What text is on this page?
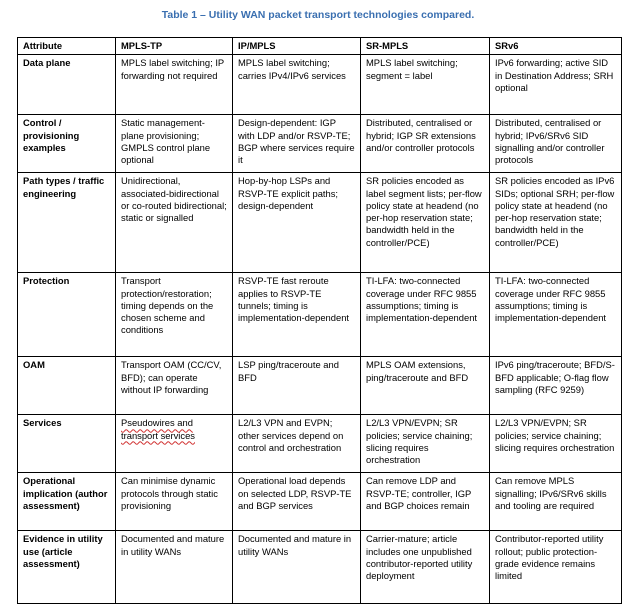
Table 1 – Utility WAN packet transport technologies compared.
Attribute	MPLS-TP	IP/MPLS	SR-MPLS	SRv6
Data plane	MPLS label switching; IP forwarding not required	MPLS label switching; carries IPv4/IPv6 services	MPLS label switching; segment = label	IPv6 forwarding; active SID in Destination Address; SRH optional
Control / provisioning examples	Static management-plane provisioning; GMPLS control plane optional	Design-dependent: IGP with LDP and/or RSVP-TE; BGP where services require it	Distributed, centralised or hybrid; IGP SR extensions and/or controller protocols	Distributed, centralised or hybrid; IPv6/SRv6 SID signalling and/or controller protocols
Path types / traffic engineering	Unidirectional, associated-bidirectional or co-routed bidirectional; static or signalled	Hop-by-hop LSPs and RSVP-TE explicit paths; design-dependent	SR policies encoded as label segment lists; per-flow policy state at headend (no per-hop reservation state; bandwidth held in the controller/PCE)	SR policies encoded as IPv6 SIDs; optional SRH; per-flow policy state at headend (no per-hop reservation state; bandwidth held in the controller/PCE)
Protection	Transport protection/restoration; timing depends on the chosen scheme and conditions	RSVP-TE fast reroute applies to RSVP-TE tunnels; timing is implementation-dependent	TI-LFA: two-connected coverage under RFC 9855 assumptions; timing is implementation-dependent	TI-LFA: two-connected coverage under RFC 9855 assumptions; timing is implementation-dependent
OAM	Transport OAM (CC/CV, BFD); can operate without IP forwarding	LSP ping/traceroute and BFD	MPLS OAM extensions, ping/traceroute and BFD	IPv6 ping/traceroute; BFD/S-BFD applicable; O-flag flow sampling (RFC 9259)
Services	Pseudowires and transport services	L2/L3 VPN and EVPN; other services depend on control and orchestration	L2/L3 VPN/EVPN; SR policies; service chaining; slicing requires orchestration	L2/L3 VPN/EVPN; SR policies; service chaining; slicing requires orchestration
Operational implication (author assessment)	Can minimise dynamic protocols through static provisioning	Operational load depends on selected LDP, RSVP-TE and BGP services	Can remove LDP and RSVP-TE; controller, IGP and BGP choices remain	Can remove MPLS signalling; IPv6/SRv6 skills and tooling are required
Evidence in utility use (article assessment)	Documented and mature in utility WANs	Documented and mature in utility WANs	Carrier-mature; article includes one unpublished contributor-reported utility deployment	Contributor-reported utility rollout; public protection-grade evidence remains limited
